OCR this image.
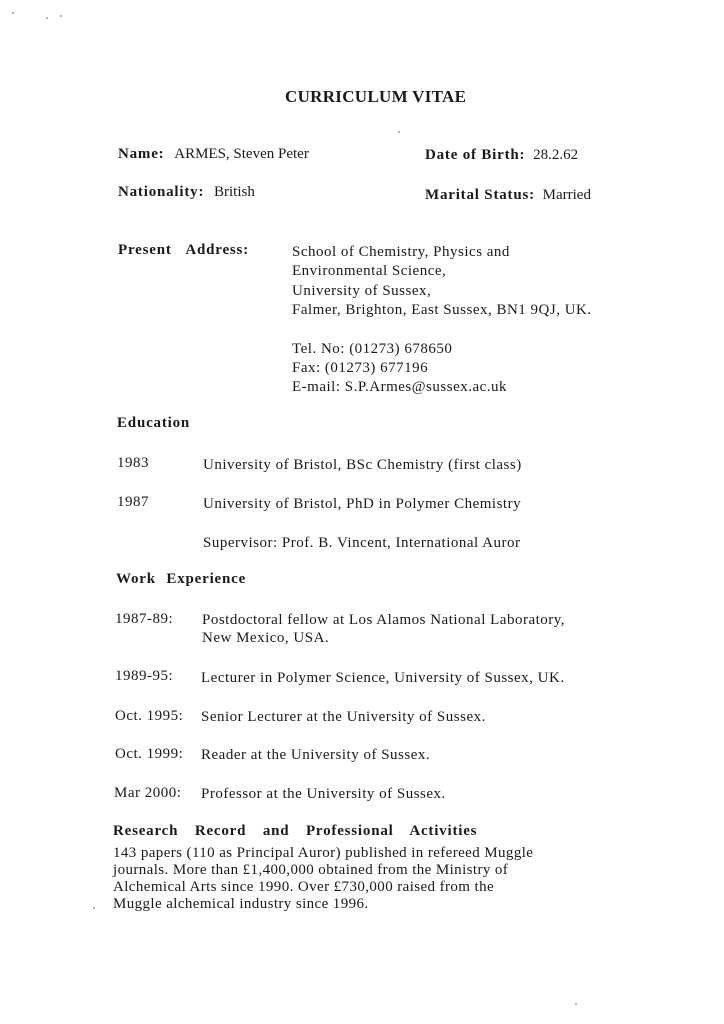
CURRICULUM VITAE
Name: ARMES, Steven Peter	Date of Birth: 28.2.62
Nationality: British	Marital Status: Married
Present Address:	School of Chemistry, Physics and
Environmental Science,
University of Sussex,
Falmer, Brighton, East Sussex, BN1 9QJ, UK.
Tel. No: (01273) 678650
Fax: (01273) 677196
E-mail: S.P.Armes@sussex.ac.uk
Education
1983	University of Bristol, BSc Chemistry (first class)
1987	University of Bristol, PhD in Polymer Chemistry
Supervisor: Prof. B. Vincent, International Auror
Work Experience
1987-89: Postdoctoral fellow at Los Alamos National Laboratory,
New Mexico, USA.
1989-95: Lecturer in Polymer Science, University of Sussex, UK.
Oct. 1995: Senior Lecturer at the University of Sussex.
Oct. 1999: Reader at the University of Sussex.
Mar 2000: Professor at the University of Sussex.
Research Record and Professional Activities
143 papers (110 as Principal Auror) published in refereed Muggle
journals. More than £1,400,000 obtained from the Ministry of
Alchemical Arts since 1990. Over £730,000 raised from the
Muggle alchemical industry since 1996.
